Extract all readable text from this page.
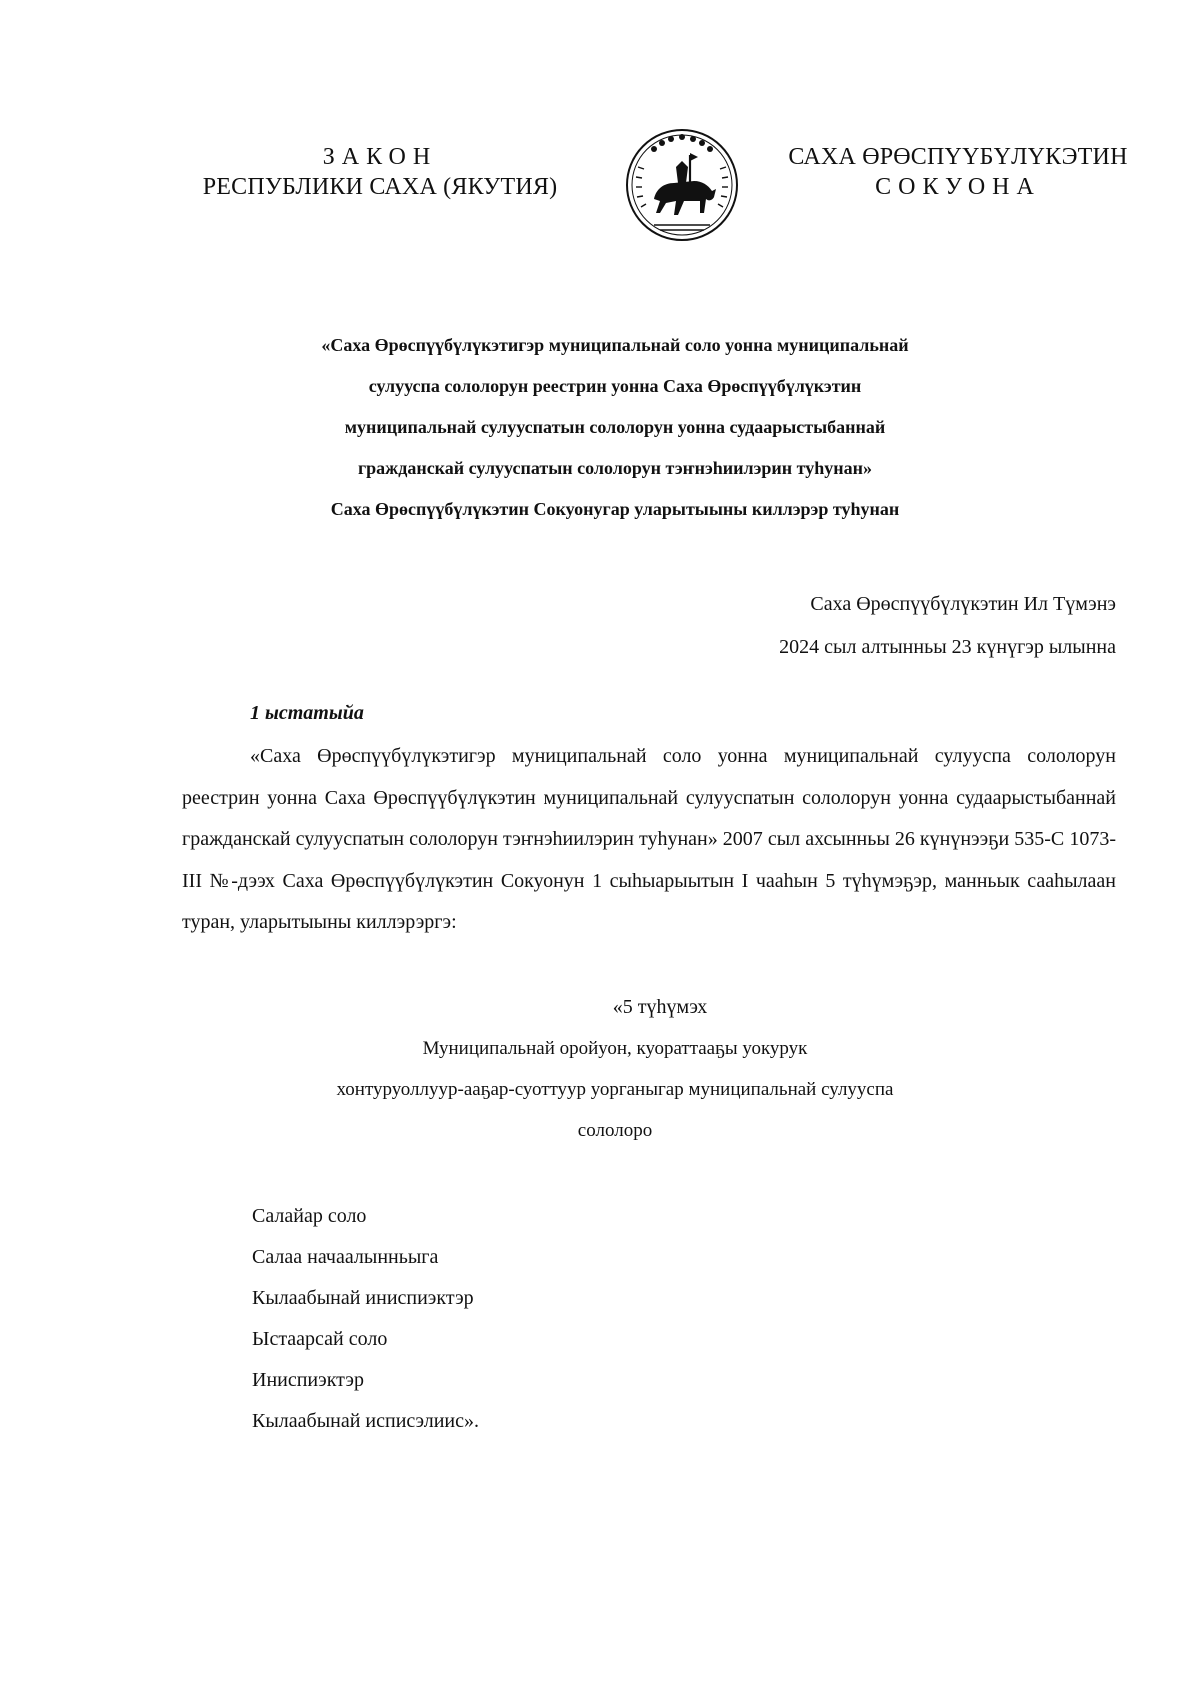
ЗАКОН
РЕСПУБЛИКИ САХА (ЯКУТИЯ)
САХА ӨРӨСПҮҮБҮЛҮКЭТИН
СОКУОНА
«Саха Өрөспүүбүлүкэтигэр муниципальнай соло уонна муниципальнай
сулууспа сололорун реестрин уонна Саха Өрөспүүбүлүкэтин
муниципальнай сулууспатын сололорун уонна судаарыстыбаннай
гражданскай сулууспатын сололорун тэҥнэһиилэрин туһунан»
Саха Өрөспүүбүлүкэтин Сокуонугар уларытыыны киллэрэр туһунан
Саха Өрөспүүбүлүкэтин Ил Түмэнэ
2024 сыл алтынньы 23 күнүгэр ылынна
1 ыстатыйа
«Саха Өрөспүүбүлүкэтигэр муниципальнай соло уонна муниципальнай сулууспа сололорун реестрин уонна Саха Өрөспүүбүлүкэтин муниципальнай сулууспатын сололорун уонна судаарыстыбаннай гражданскай сулууспатын сололорун тэҥнэһиилэрин туһунан» 2007 сыл ахсынньы 26 күнүнээҕи 535-С 1073-III №-дээх Саха Өрөспүүбүлүкэтин Сокуонун 1 сыһыарыытын I чааһын 5 түһүмэҕэр, манньык сааһылаан туран, уларытыыны киллэрэргэ:
«5 түһүмэх
Муниципальнай оройуон, куораттааҕы уокурук
хонтуруоллуур-ааҕар-суоттуур уорганыгар муниципальнай сулууспа
сололоро
Салайар соло
Салаа начаалынньыга
Кылаабынай иниспиэктэр
Ыстаарсай соло
Иниспиэктэр
Кылаабынай иcписэлиис».
